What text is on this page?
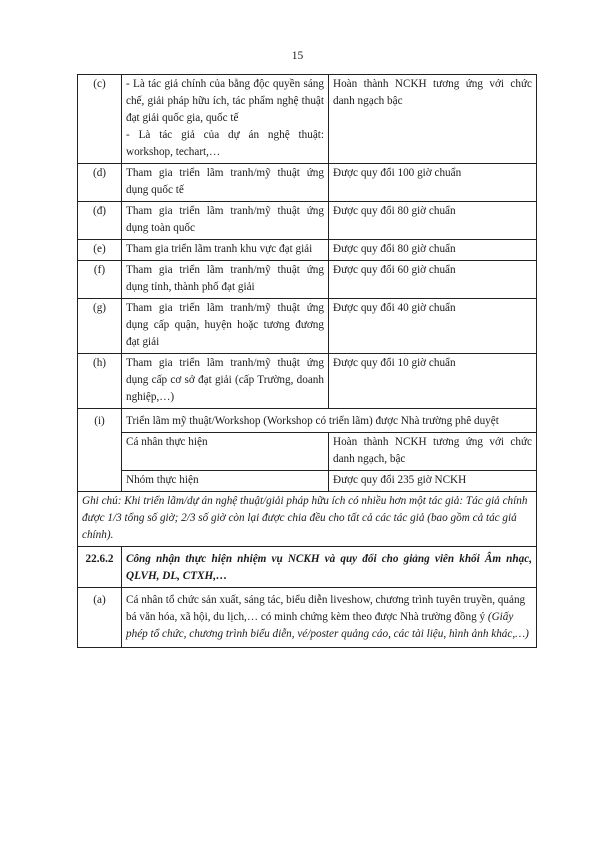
15
(c)	- Là tác giả chính của bằng độc quyền sáng chế, giải pháp hữu ích, tác phẩm nghệ thuật đạt giải quốc gia, quốc tế
- Là tác giả của dự án nghệ thuật: workshop, techart,…	Hoàn thành NCKH tương ứng với chức danh ngạch bậc
(d)	Tham gia triển lãm tranh/mỹ thuật ứng dụng quốc tế	Được quy đổi 100 giờ chuẩn
(đ)	Tham gia triển lãm tranh/mỹ thuật ứng dụng toàn quốc	Được quy đổi 80 giờ chuẩn
(e)	Tham gia triển lãm tranh khu vực đạt giải	Được quy đổi 80 giờ chuẩn
(f)	Tham gia triển lãm tranh/mỹ thuật ứng dụng tỉnh, thành phố đạt giải	Được quy đổi 60 giờ chuẩn
(g)	Tham gia triển lãm tranh/mỹ thuật ứng dụng cấp quận, huyện hoặc tương đương đạt giải	Được quy đổi 40 giờ chuẩn
(h)	Tham gia triển lãm tranh/mỹ thuật ứng dụng cấp cơ sở đạt giải (cấp Trường, doanh nghiệp,…)	Được quy đổi 10 giờ chuẩn
(i)	Triển lãm mỹ thuật/Workshop (Workshop có triển lãm) được Nhà trường phê duyệt	
	Cá nhân thực hiện	Hoàn thành NCKH tương ứng với chức danh ngạch, bậc
	Nhóm thực hiện	Được quy đổi 235 giờ NCKH
Ghi chú: Khi triển lãm/dự án nghệ thuật/giải pháp hữu ích có nhiều hơn một tác giả: Tác giả chính được 1/3 tổng số giờ; 2/3 số giờ còn lại được chia đều cho tất cả các tác giả (bao gồm cả tác giả chính).		
22.6.2	Công nhận thực hiện nhiệm vụ NCKH và quy đổi cho giảng viên khối Âm nhạc, QLVH, DL, CTXH,…	
(a)	Cá nhân tổ chức sản xuất, sáng tác, biểu diễn liveshow, chương trình tuyên truyền, quảng bá văn hóa, xã hội, du lịch,… có minh chứng kèm theo được Nhà trường đồng ý (Giấy phép tổ chức, chương trình biểu diễn, vé/poster quảng cáo, các tài liệu, hình ảnh khác,…)	
